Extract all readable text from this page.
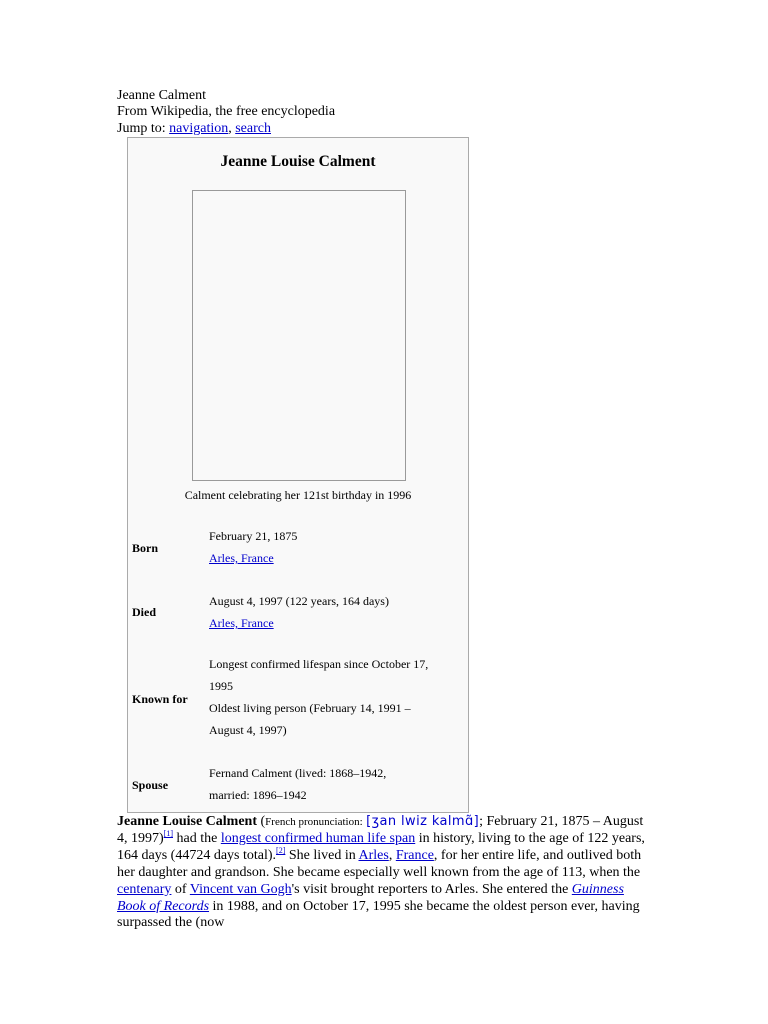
Jeanne Calment
From Wikipedia, the free encyclopedia
Jump to: navigation, search
Jeanne Louise Calment
Calment celebrating her 121st birthday in 1996
Born
February 21, 1875
Arles, France
Died
August 4, 1997 (122 years, 164 days)
Arles, France
Known for
Longest confirmed lifespan since October 17,
1995
Oldest living person (February 14, 1991 –
August 4, 1997)
Spouse
Fernand Calment (lived: 1868–1942,
married: 1896–1942
Jeanne Louise Calment (French pronunciation: [ʒan lwiz kalmɑ̃]; February 21, 1875 – August 4, 1997)[1] had the longest confirmed human life span in history, living to the age of 122 years, 164 days (44724 days total).[2] She lived in Arles, France, for her entire life, and outlived both her daughter and grandson. She became especially well known from the age of 113, when the centenary of Vincent van Gogh's visit brought reporters to Arles. She entered the Guinness Book of Records in 1988, and on October 17, 1995 she became the oldest person ever, having surpassed the (now
